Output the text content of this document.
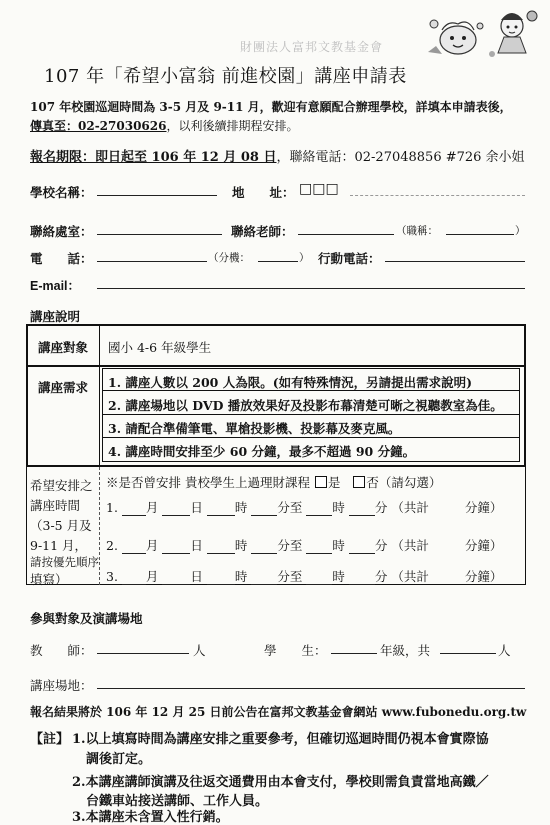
財團法人富邦文教基金會
107 年「希望小富翁 前進校園」講座申請表
107 年校園巡迴時間為 3-5 月及 9-11 月，歡迎有意願配合辦理學校，詳填本申請表後，
傳真至：02-27030626，以利後續排期程安排。
報名期限：即日起至 106 年 12 月 08 日，聯絡電話：02-27048856 #726 余小姐
學校名稱：	地　　址： □□□
聯絡處室：	聯絡老師：	（職稱：	）
電　　話：	（分機：	） 行動電話：
E-mail：
講座說明
講座對象 國小 4-6 年級學生
講座需求 1. 講座人數以 200 人為限。(如有特殊情況，另請提出需求說明)
2. 講座場地以 DVD 播放效果好及投影布幕清楚可晰之視聽教室為佳。
3. 請配合準備筆電、單槍投影機、投影幕及麥克風。
4. 講座時間安排至少 60 分鐘，最多不超過 90 分鐘。
希望安排之
講座時間
（3-5 月及
9-11 月，
請按優先順序
填寫）
※是否曾安排 貴校學生上過理財課程 是 否（請勾選）
1. 月	日	時 分至 時 分 （共計	分鐘）
2. 月	日	時 分至 時 分 （共計	分鐘）
3. 月	日	時 分至 時 分 （共計	分鐘）
參與對象及演講場地
教　　師：	人	學　　生：	年級，共	人
講座場地：
報名結果將於 106 年 12 月 25 日前公告在富邦文教基金會網站 www.fubonedu.org.tw
【註】 1.以上填寫時間為講座安排之重要參考，但確切巡迴時間仍視本會實際協
調後訂定。
2.本講座講師演講及往返交通費用由本會支付，學校則需負責當地高鐵／
台鐵車站接送講師、工作人員。
3.本講座未含置入性行銷。
